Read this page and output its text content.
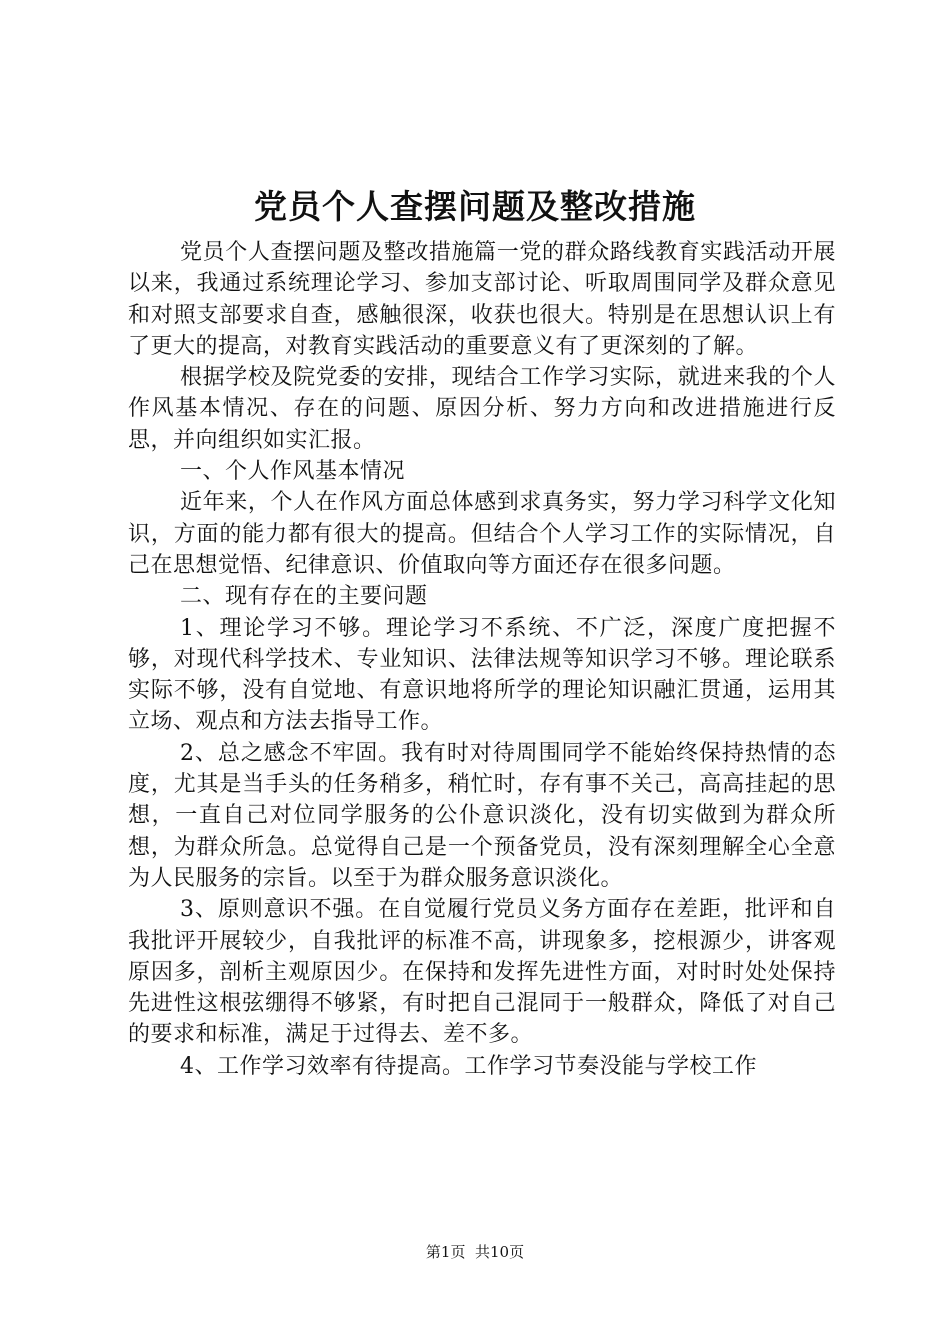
党员个人查摆问题及整改措施

党员个人查摆问题及整改措施篇一党的群众路线教育实践活动开展以来，我通过系统理论学习、参加支部讨论、听取周围同学及群众意见和对照支部要求自查，感触很深，收获也很大。特别是在思想认识上有了更大的提高，对教育实践活动的重要意义有了更深刻的了解。

根据学校及院党委的安排，现结合工作学习实际，就进来我的个人作风基本情况、存在的问题、原因分析、努力方向和改进措施进行反思，并向组织如实汇报。

一、个人作风基本情况

近年来，个人在作风方面总体感到求真务实，努力学习科学文化知识，方面的能力都有很大的提高。但结合个人学习工作的实际情况，自己在思想觉悟、纪律意识、价值取向等方面还存在很多问题。

二、现有存在的主要问题

1、理论学习不够。理论学习不系统、不广泛，深度广度把握不够，对现代科学技术、专业知识、法律法规等知识学习不够。理论联系实际不够，没有自觉地、有意识地将所学的理论知识融汇贯通，运用其立场、观点和方法去指导工作。

2、总之感念不牢固。我有时对待周围同学不能始终保持热情的态度，尤其是当手头的任务稍多，稍忙时，存有事不关己，高高挂起的思想，一直自己对位同学服务的公仆意识淡化，没有切实做到为群众所想，为群众所急。总觉得自己是一个预备党员，没有深刻理解全心全意为人民服务的宗旨。以至于为群众服务意识淡化。

3、原则意识不强。在自觉履行党员义务方面存在差距，批评和自我批评开展较少，自我批评的标准不高，讲现象多，挖根源少，讲客观原因多，剖析主观原因少。在保持和发挥先进性方面，对时时处处保持先进性这根弦绷得不够紧，有时把自己混同于一般群众，降低了对自己的要求和标准，满足于过得去、差不多。

4、工作学习效率有待提高。工作学习节奏没能与学校工作

第1页  共10页
